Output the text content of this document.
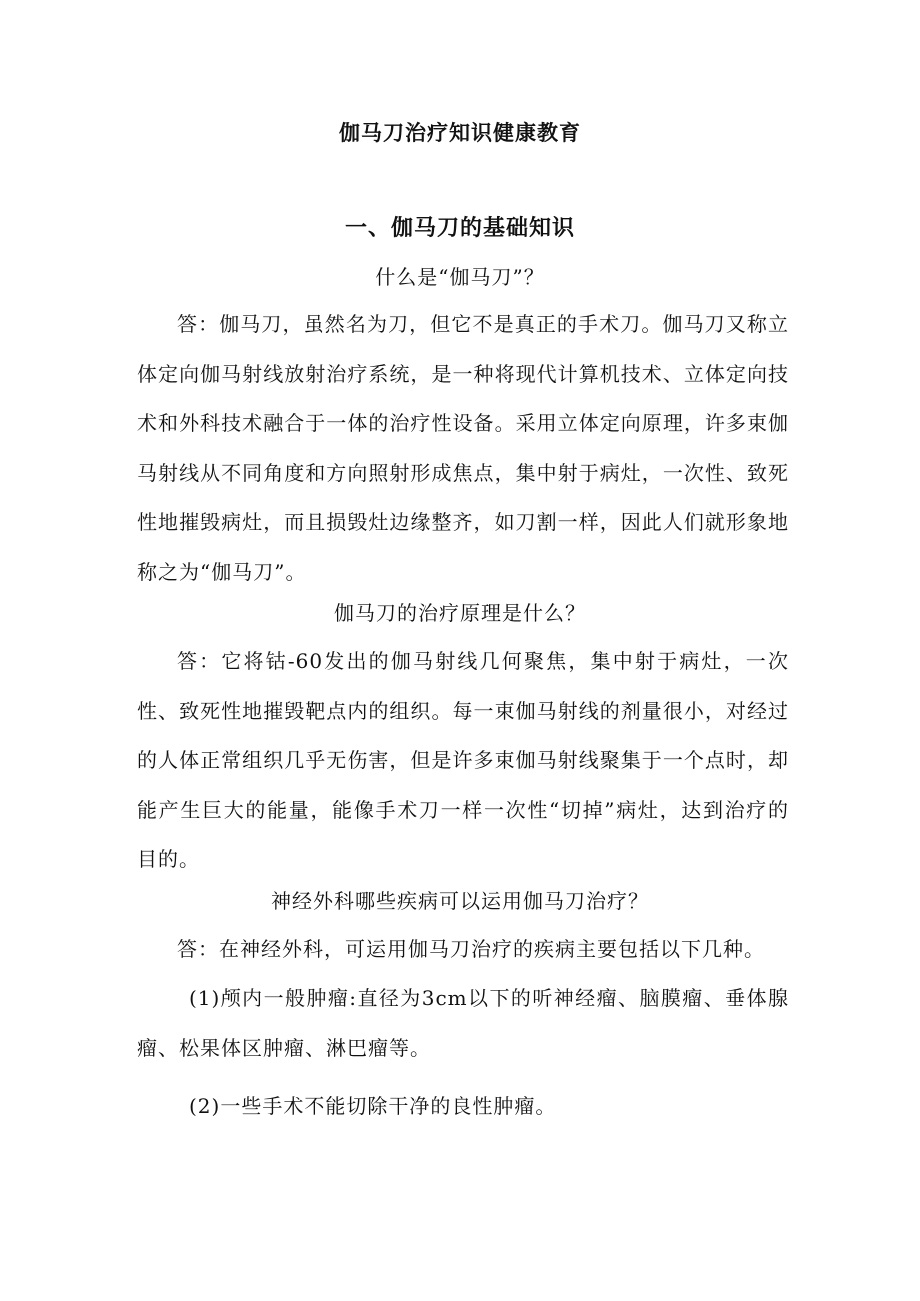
伽马刀治疗知识健康教育
一、伽马刀的基础知识
什么是“伽马刀”？

答：伽马刀，虽然名为刀，但它不是真正的手术刀。伽马刀又称立体定向伽马射线放射治疗系统，是一种将现代计算机技术、立体定向技术和外科技术融合于一体的治疗性设备。采用立体定向原理，许多束伽马射线从不同角度和方向照射形成焦点，集中射于病灶，一次性、致死性地摧毁病灶，而且损毁灶边缘整齐，如刀割一样，因此人们就形象地称之为“伽马刀”。

伽马刀的治疗原理是什么？

答：它将钴-60发出的伽马射线几何聚焦，集中射于病灶，一次性、致死性地摧毁靶点内的组织。每一束伽马射线的剂量很小，对经过的人体正常组织几乎无伤害，但是许多束伽马射线聚集于一个点时，却能产生巨大的能量，能像手术刀一样一次性“切掉”病灶，达到治疗的目的。

神经外科哪些疾病可以运用伽马刀治疗？

答：在神经外科，可运用伽马刀治疗的疾病主要包括以下几种。

(1)颅内一般肿瘤:直径为3cm以下的听神经瘤、脑膜瘤、垂体腺瘤、松果体区肿瘤、淋巴瘤等。

(2)一些手术不能切除干净的良性肿瘤。
